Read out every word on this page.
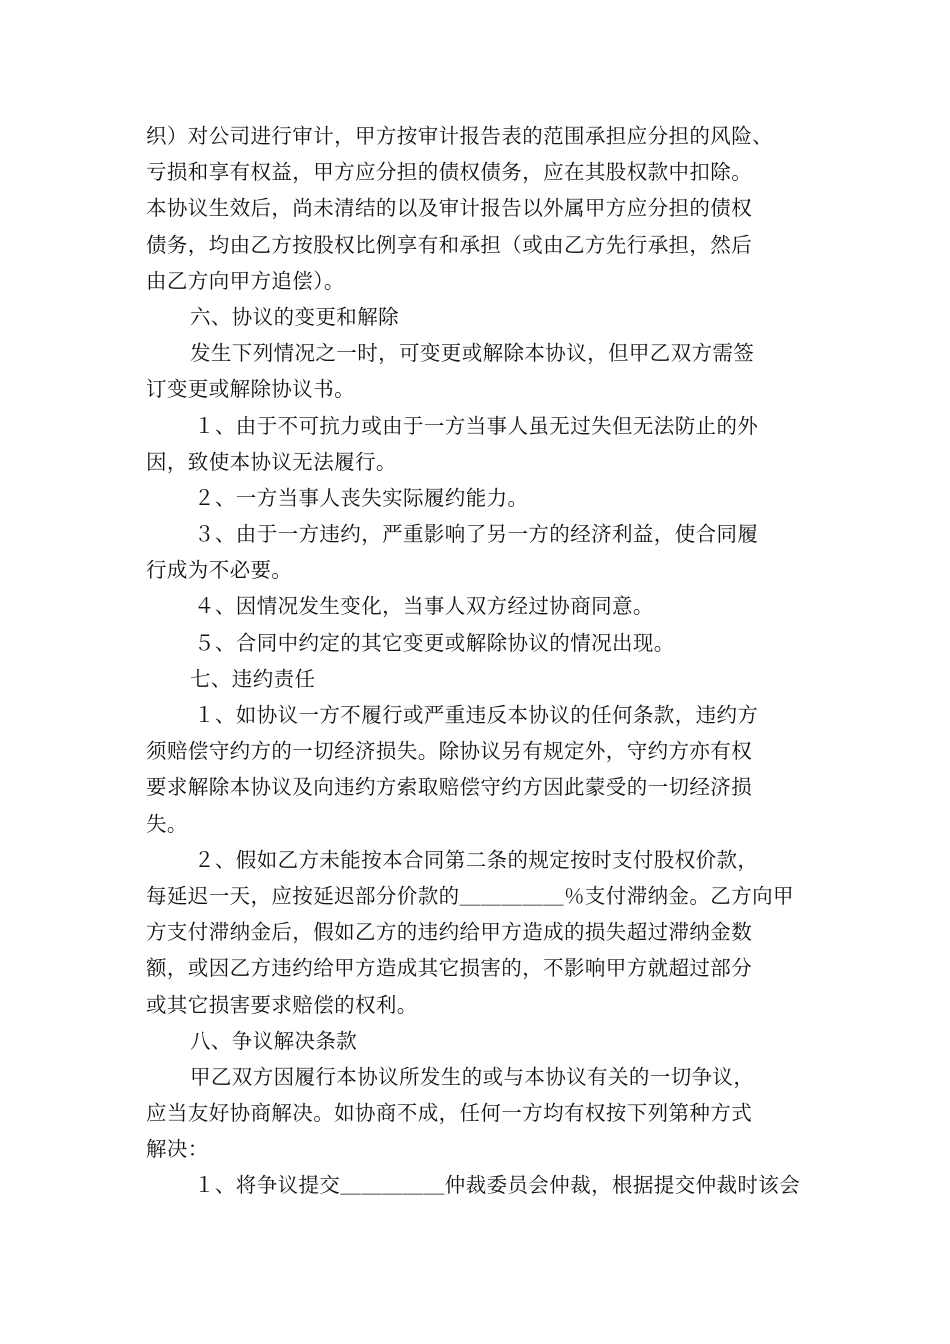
织）对公司进行审计，甲方按审计报告表的范围承担应分担的风险、
亏损和享有权益，甲方应分担的债权债务，应在其股权款中扣除。
本协议生效后，尚未清结的以及审计报告以外属甲方应分担的债权
债务，均由乙方按股权比例享有和承担（或由乙方先行承担，然后
由乙方向甲方追偿）。
六、协议的变更和解除
发生下列情况之一时，可变更或解除本协议，但甲乙双方需签
订变更或解除协议书。
１、由于不可抗力或由于一方当事人虽无过失但无法防止的外
因，致使本协议无法履行。
２、一方当事人丧失实际履约能力。
３、由于一方违约，严重影响了另一方的经济利益，使合同履
行成为不必要。
４、因情况发生变化，当事人双方经过协商同意。
５、合同中约定的其它变更或解除协议的情况出现。
七、违约责任
１、如协议一方不履行或严重违反本协议的任何条款，违约方
须赔偿守约方的一切经济损失。除协议另有规定外，守约方亦有权
要求解除本协议及向违约方索取赔偿守约方因此蒙受的一切经济损
失。
２、假如乙方未能按本合同第二条的规定按时支付股权价款，
每延迟一天，应按延迟部分价款的＿＿＿＿＿％支付滞纳金。乙方向甲
方支付滞纳金后，假如乙方的违约给甲方造成的损失超过滞纳金数
额，或因乙方违约给甲方造成其它损害的，不影响甲方就超过部分
或其它损害要求赔偿的权利。
八、争议解决条款
甲乙双方因履行本协议所发生的或与本协议有关的一切争议，
应当友好协商解决。如协商不成，任何一方均有权按下列第种方式
解决：
１、将争议提交＿＿＿＿＿仲裁委员会仲裁，根据提交仲裁时该会
